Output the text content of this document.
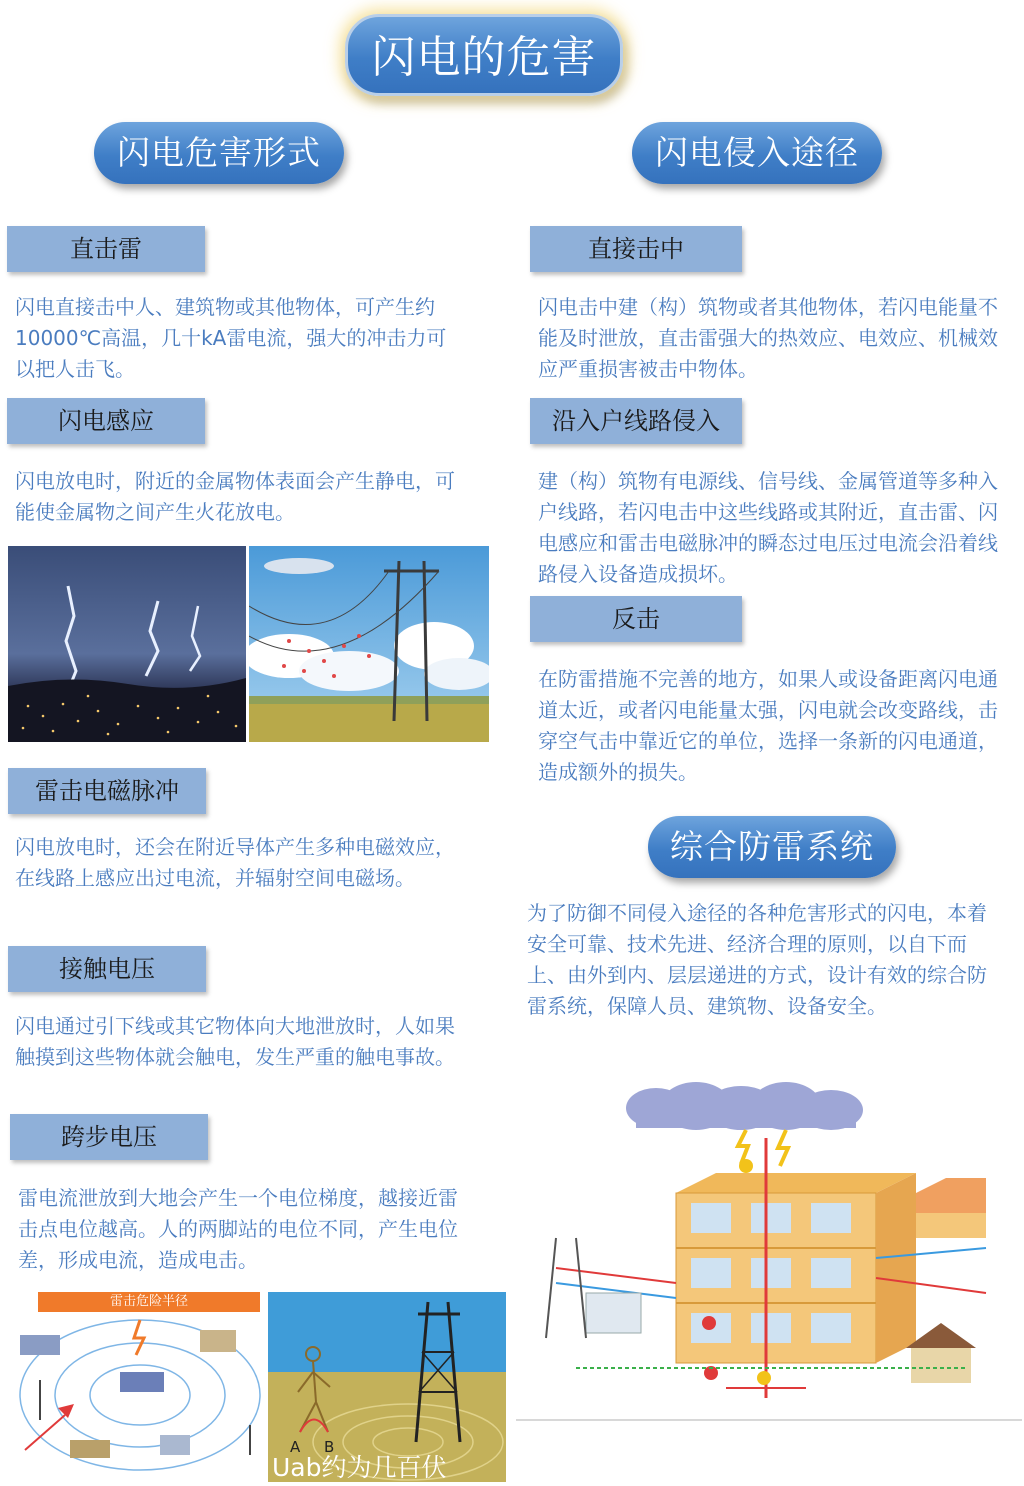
闪电的危害
闪电危害形式	闪电侵入途径
直击雷
闪电直接击中人、建筑物或其他物体，可产生约10000℃高温，几十kA雷电流，强大的冲击力可以把人击飞。
闪电感应
闪电放电时，附近的金属物体表面会产生静电，可能使金属物之间产生火花放电。
雷击电磁脉冲
闪电放电时，还会在附近导体产生多种电磁效应，在线路上感应出过电流，并辐射空间电磁场。
接触电压
闪电通过引下线或其它物体向大地泄放时，人如果触摸到这些物体就会触电，发生严重的触电事故。
跨步电压
雷电流泄放到大地会产生一个电位梯度，越接近雷击点电位越高。人的两脚站的电位不同，产生电位差，形成电流，造成电击。
雷击危险半径
A B
Uab约为几百伏
直接击中
闪电击中建（构）筑物或者其他物体，若闪电能量不能及时泄放，直击雷强大的热效应、电效应、机械效应严重损害被击中物体。
沿入户线路侵入
建（构）筑物有电源线、信号线、金属管道等多种入户线路，若闪电击中这些线路或其附近，直击雷、闪电感应和雷击电磁脉冲的瞬态过电压过电流会沿着线路侵入设备造成损坏。
反击
在防雷措施不完善的地方，如果人或设备距离闪电通道太近，或者闪电能量太强，闪电就会改变路线，击穿空气击中靠近它的单位，选择一条新的闪电通道，造成额外的损失。
综合防雷系统
为了防御不同侵入途径的各种危害形式的闪电，本着安全可靠、技术先进、经济合理的原则，以自下而上、由外到内、层层递进的方式，设计有效的综合防雷系统，保障人员、建筑物、设备安全。
